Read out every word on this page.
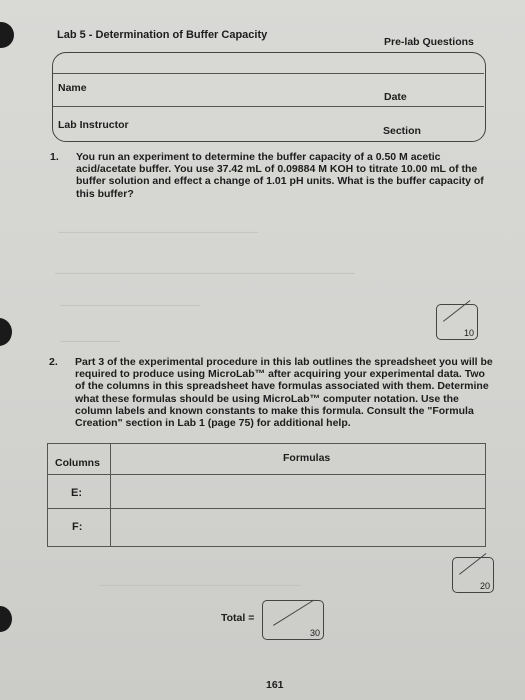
Lab 5 - Determination of Buffer Capacity
Pre-lab Questions
Name
Date
Lab Instructor	Section
1. You run an experiment to determine the buffer capacity of a 0.50 M acetic
acid/acetate buffer. You use 37.42 mL of 0.09884 M KOH to titrate 10.00 mL of the
buffer solution and effect a change of 1.01 pH units. What is the buffer capacity of
this buffer?
————————————————————
——————————————————————————————
——————————————
——————
————————————————————
10
2. Part 3 of the experimental procedure in this lab outlines the spreadsheet you will be
required to produce using MicroLab™ after acquiring your experimental data. Two
of the columns in this spreadsheet have formulas associated with them. Determine
what these formulas should be using MicroLab™ computer notation. Use the
column labels and known constants to make this formula. Consult the "Formula
Creation" section in Lab 1 (page 75) for additional help.
Columns	Formulas
E:
F:
20
Total =
30
161
